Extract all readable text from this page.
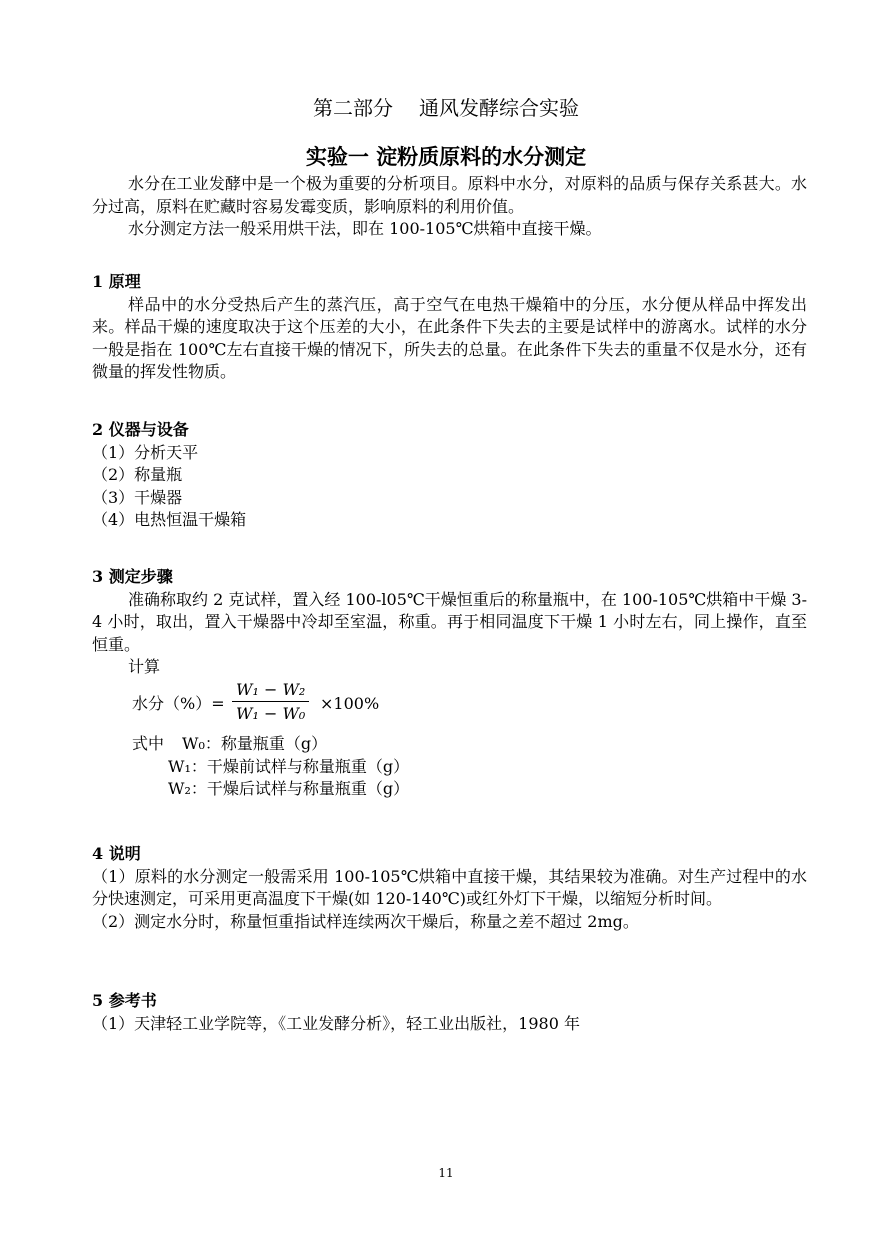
第二部分 通风发酵综合实验
实验一 淀粉质原料的水分测定

水分在工业发酵中是一个极为重要的分析项目。原料中水分，对原料的品质与保存关系甚大。水分过高，原料在贮藏时容易发霉变质，影响原料的利用价值。

水分测定方法一般采用烘干法，即在 100-105℃烘箱中直接干燥。

1 原理

样品中的水分受热后产生的蒸汽压，高于空气在电热干燥箱中的分压，水分便从样品中挥发出来。样品干燥的速度取决于这个压差的大小，在此条件下失去的主要是试样中的游离水。试样的水分一般是指在 100℃左右直接干燥的情况下，所失去的总量。在此条件下失去的重量不仅是水分，还有微量的挥发性物质。

2 仪器与设备

（1）分析天平

（2）称量瓶

（3）干燥器

（4）电热恒温干燥箱

3 测定步骤

准确称取约 2 克试样，置入经 100-l05℃干燥恒重后的称量瓶中，在 100-105℃烘箱中干燥 3-4 小时，取出，置入干燥器中冷却至室温，称重。再于相同温度下干燥 1 小时左右，同上操作，直至恒重。

计算

水分（%）= $\frac{\text{W₁ − W₂}}{\text{W₁ − W₀}} \times 100\%$

式中 W₀：称量瓶重（g）

W₁：干燥前试样与称量瓶重（g）

W₂：干燥后试样与称量瓶重（g）

4 说明

（1）原料的水分测定一般需采用 100-105℃烘箱中直接干燥，其结果较为准确。对生产过程中的水分快速测定，可采用更高温度下干燥(如 120-140℃)或红外灯下干燥，以缩短分析时间。

（2）测定水分时，称量恒重指试样连续两次干燥后，称量之差不超过 2mg。

5 参考书

（1）天津轻工业学院等，《工业发酵分析》，轻工业出版社，1980 年

11
